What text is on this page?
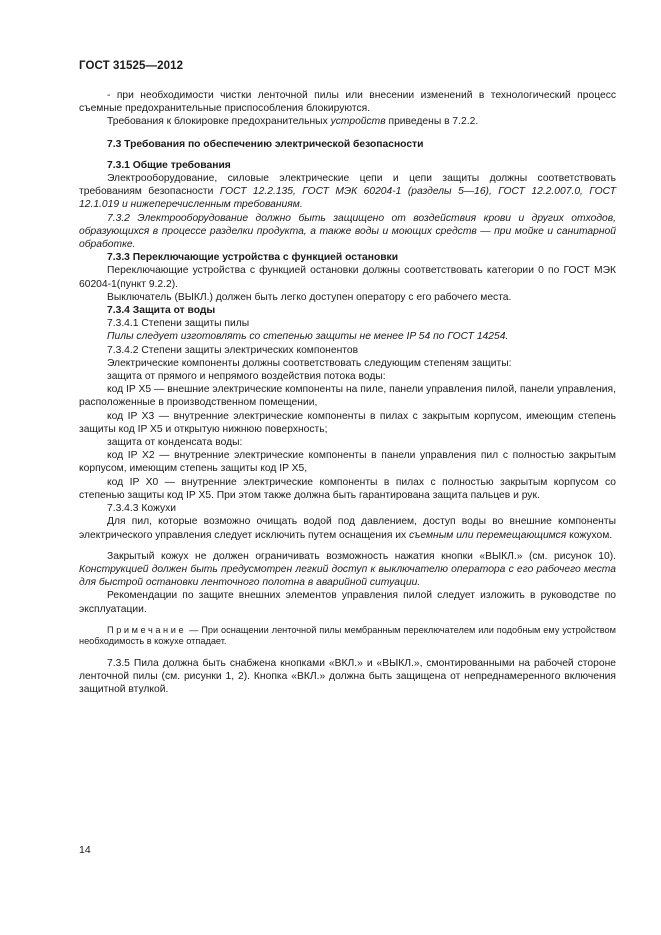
ГОСТ 31525—2012

- при необходимости чистки ленточной пилы или внесении изменений в технологический процесс съемные предохранительные приспособления блокируются.

Требования к блокировке предохранительных устройств приведены в 7.2.2.

7.3 Требования по обеспечению электрической безопасности

7.3.1 Общие требования

Электрооборудование, силовые электрические цепи и цепи защиты должны соответствовать требованиям безопасности ГОСТ 12.2.135, ГОСТ МЭК 60204-1 (разделы 5—16), ГОСТ 12.2.007.0, ГОСТ 12.1.019 и нижеперечисленным требованиям.

7.3.2 Электрооборудование должно быть защищено от воздействия крови и других отходов, образующихся в процессе разделки продукта, а также воды и моющих средств — при мойке и санитарной обработке.

7.3.3 Переключающие устройства с функцией остановки

Переключающие устройства с функцией остановки должны соответствовать категории 0 по ГОСТ МЭК 60204-1(пункт 9.2.2).

Выключатель (ВЫКЛ.) должен быть легко доступен оператору с его рабочего места.

7.3.4 Защита от воды

7.3.4.1 Степени защиты пилы

Пилы следует изготовлять со степенью защиты не менее IP 54 по ГОСТ 14254.

7.3.4.2 Степени защиты электрических компонентов

Электрические компоненты должны соответствовать следующим степеням защиты:

защита от прямого и непрямого воздействия потока воды:

код IP X5 — внешние электрические компоненты на пиле, панели управления пилой, панели управления, расположенные в производственном помещении,

код IP X3 — внутренние электрические компоненты в пилах с закрытым корпусом, имеющим степень защиты код IP X5 и открытую нижнюю поверхность;

защита от конденсата воды:

код IP X2 — внутренние электрические компоненты в панели управления пил с полностью закрытым корпусом, имеющим степень защиты код IP X5,

код IP X0 — внутренние электрические компоненты в пилах с полностью закрытым корпусом со степенью защиты код IP X5. При этом также должна быть гарантирована защита пальцев и рук.

7.3.4.3 Кожухи

Для пил, которые возможно очищать водой под давлением, доступ воды во внешние компоненты электрического управления следует исключить путем оснащения их съемным или перемещающимся кожухом.

Закрытый кожух не должен ограничивать возможность нажатия кнопки «ВЫКЛ.» (см. рисунок 10). Конструкцией должен быть предусмотрен легкий доступ к выключателю оператора с его рабочего места для быстрой остановки ленточного полотна в аварийной ситуации.

Рекомендации по защите внешних элементов управления пилой следует изложить в руководстве по эксплуатации.

Примечание — При оснащении ленточной пилы мембранным переключателем или подобным ему устройством необходимость в кожухе отпадает.

7.3.5 Пила должна быть снабжена кнопками «ВКЛ.» и «ВЫКЛ.», смонтированными на рабочей стороне ленточной пилы (см. рисунки 1, 2). Кнопка «ВКЛ.» должна быть защищена от непреднамеренного включения защитной втулкой.

14
